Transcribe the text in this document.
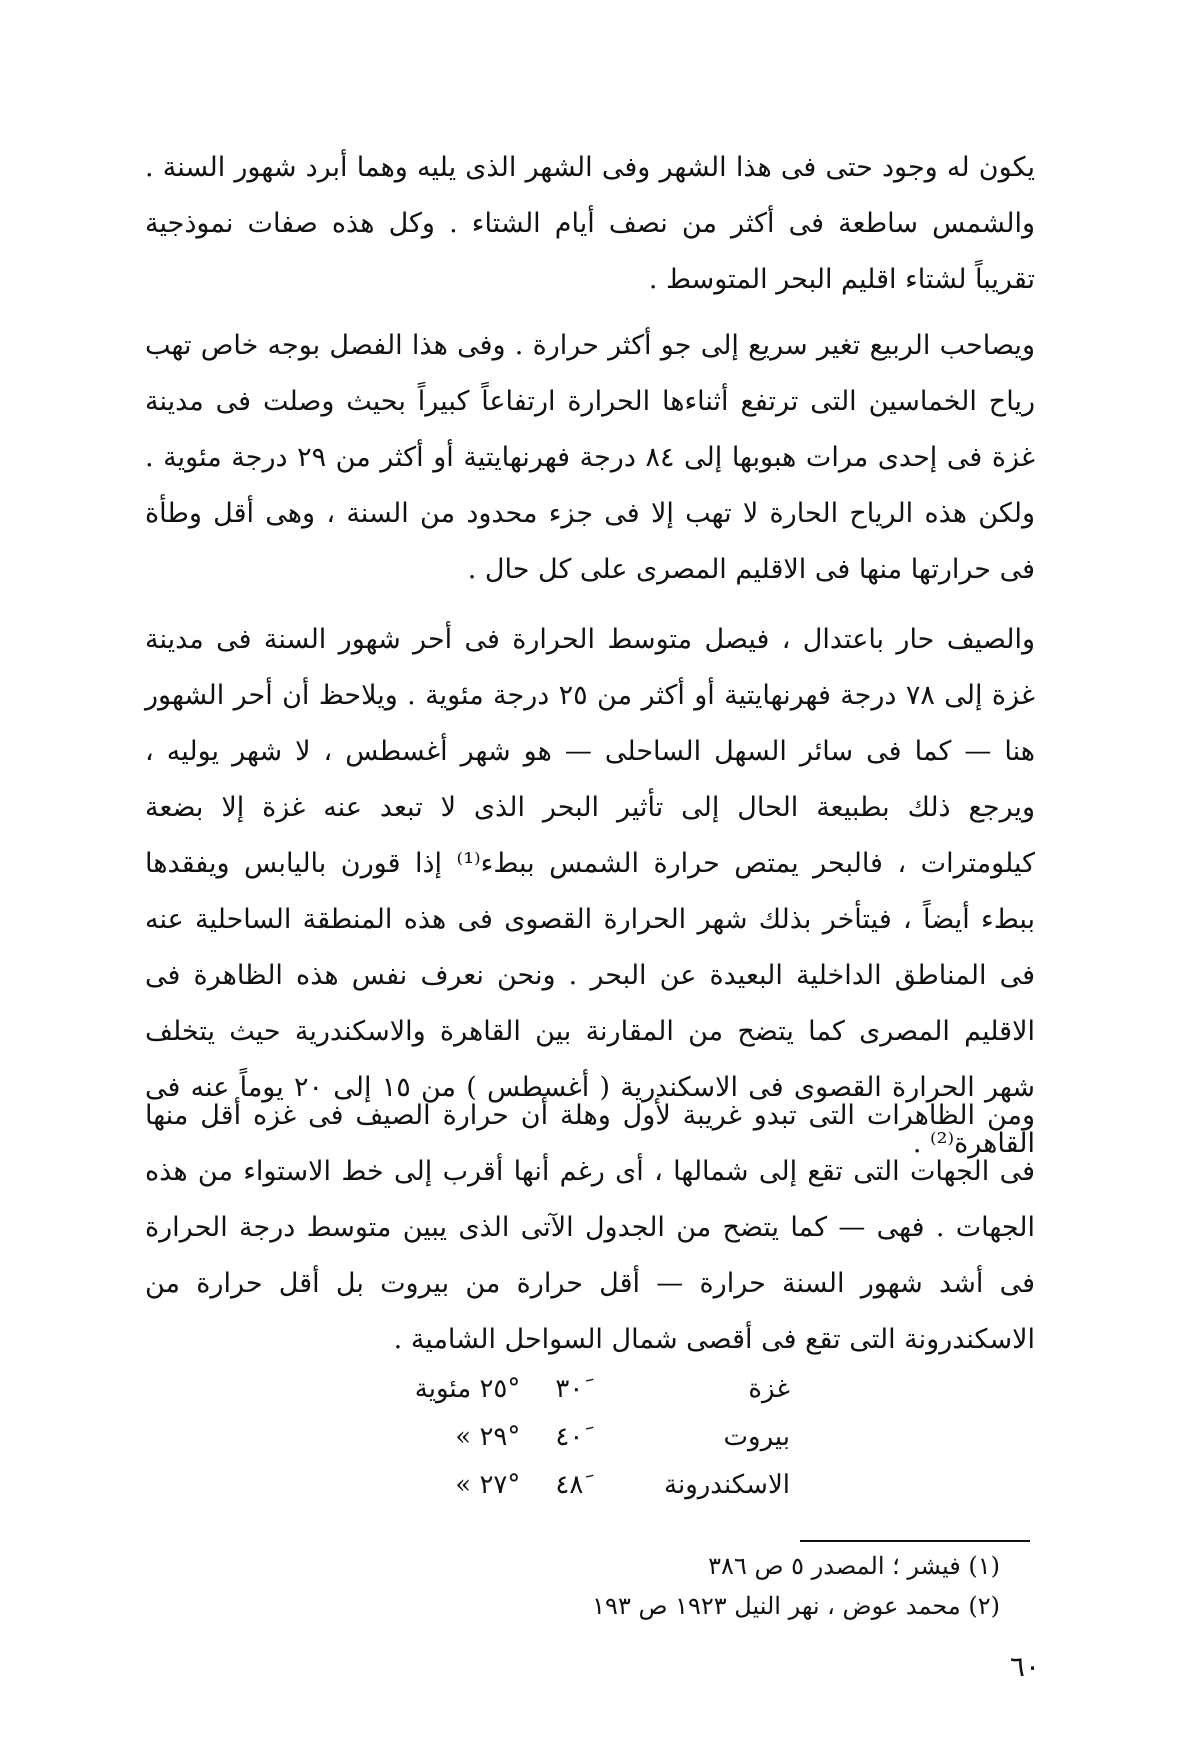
يكون له وجود حتى فى هذا الشهر وفى الشهر الذى يليه وهما أبرد شهور السنة . والشمس ساطعة فى أكثر من نصف أيام الشتاء . وكل هذه صفات نموذجية تقريباً لشتاء اقليم البحر المتوسط .

ويصاحب الربيع تغير سريع إلى جو أكثر حرارة . وفى هذا الفصل بوجه خاص تهب رياح الخماسين التى ترتفع أثناءها الحرارة ارتفاعاً كبيراً بحيث وصلت فى مدينة غزة فى إحدى مرات هبوبها إلى ٨٤ درجة فهرنهايتية أو أكثر من ٢٩ درجة مئوية . ولكن هذه الرياح الحارة لا تهب إلا فى جزء محدود من السنة ، وهى أقل وطأة فى حرارتها منها فى الاقليم المصرى على كل حال .

والصيف حار باعتدال ، فيصل متوسط الحرارة فى أحر شهور السنة فى مدينة غزة إلى ٧٨ درجة فهرنهايتية أو أكثر من ٢٥ درجة مئوية . ويلاحظ أن أحر الشهور هنا — كما فى سائر السهل الساحلى — هو شهر أغسطس ، لا شهر يوليه ، ويرجع ذلك بطبيعة الحال إلى تأثير البحر الذى لا تبعد عنه غزة إلا بضعة كيلومترات ، فالبحر يمتص حرارة الشمس ببطء⁽¹⁾ إذا قورن باليابس ويفقدها ببطء أيضاً ، فيتأخر بذلك شهر الحرارة القصوى فى هذه المنطقة الساحلية عنه فى المناطق الداخلية البعيدة عن البحر . ونحن نعرف نفس هذه الظاهرة فى الاقليم المصرى كما يتضح من المقارنة بين القاهرة والاسكندرية حيث يتخلف شهر الحرارة القصوى فى الاسكندرية ( أغسطس ) من ١٥ إلى ٢٠ يوماً عنه فى القاهرة⁽²⁾ .

ومن الظاهرات التى تبدو غريبة لأول وهلة أن حرارة الصيف فى غزه أقل منها فى الجهات التى تقع إلى شمالها ، أى رغم أنها أقرب إلى خط الاستواء من هذه الجهات . فهى — كما يتضح من الجدول الآتى الذى يبين متوسط درجة الحرارة فى أشد شهور السنة حرارة — أقل حرارة من بيروت بل أقل حرارة من الاسكندرونة التى تقع فى أقصى شمال السواحل الشامية .

غزة	٣٠َ	°٢٥ مئوية
بيروت	٤٠َ	°٢٩ »
الاسكندرونة	٤٨َ	°٢٧ »

(١) فيشر ؛ المصدر ٥ ص ٣٨٦

(٢) محمد عوض ، نهر النيل ١٩٢٣ ص ١٩٣

٦٠
